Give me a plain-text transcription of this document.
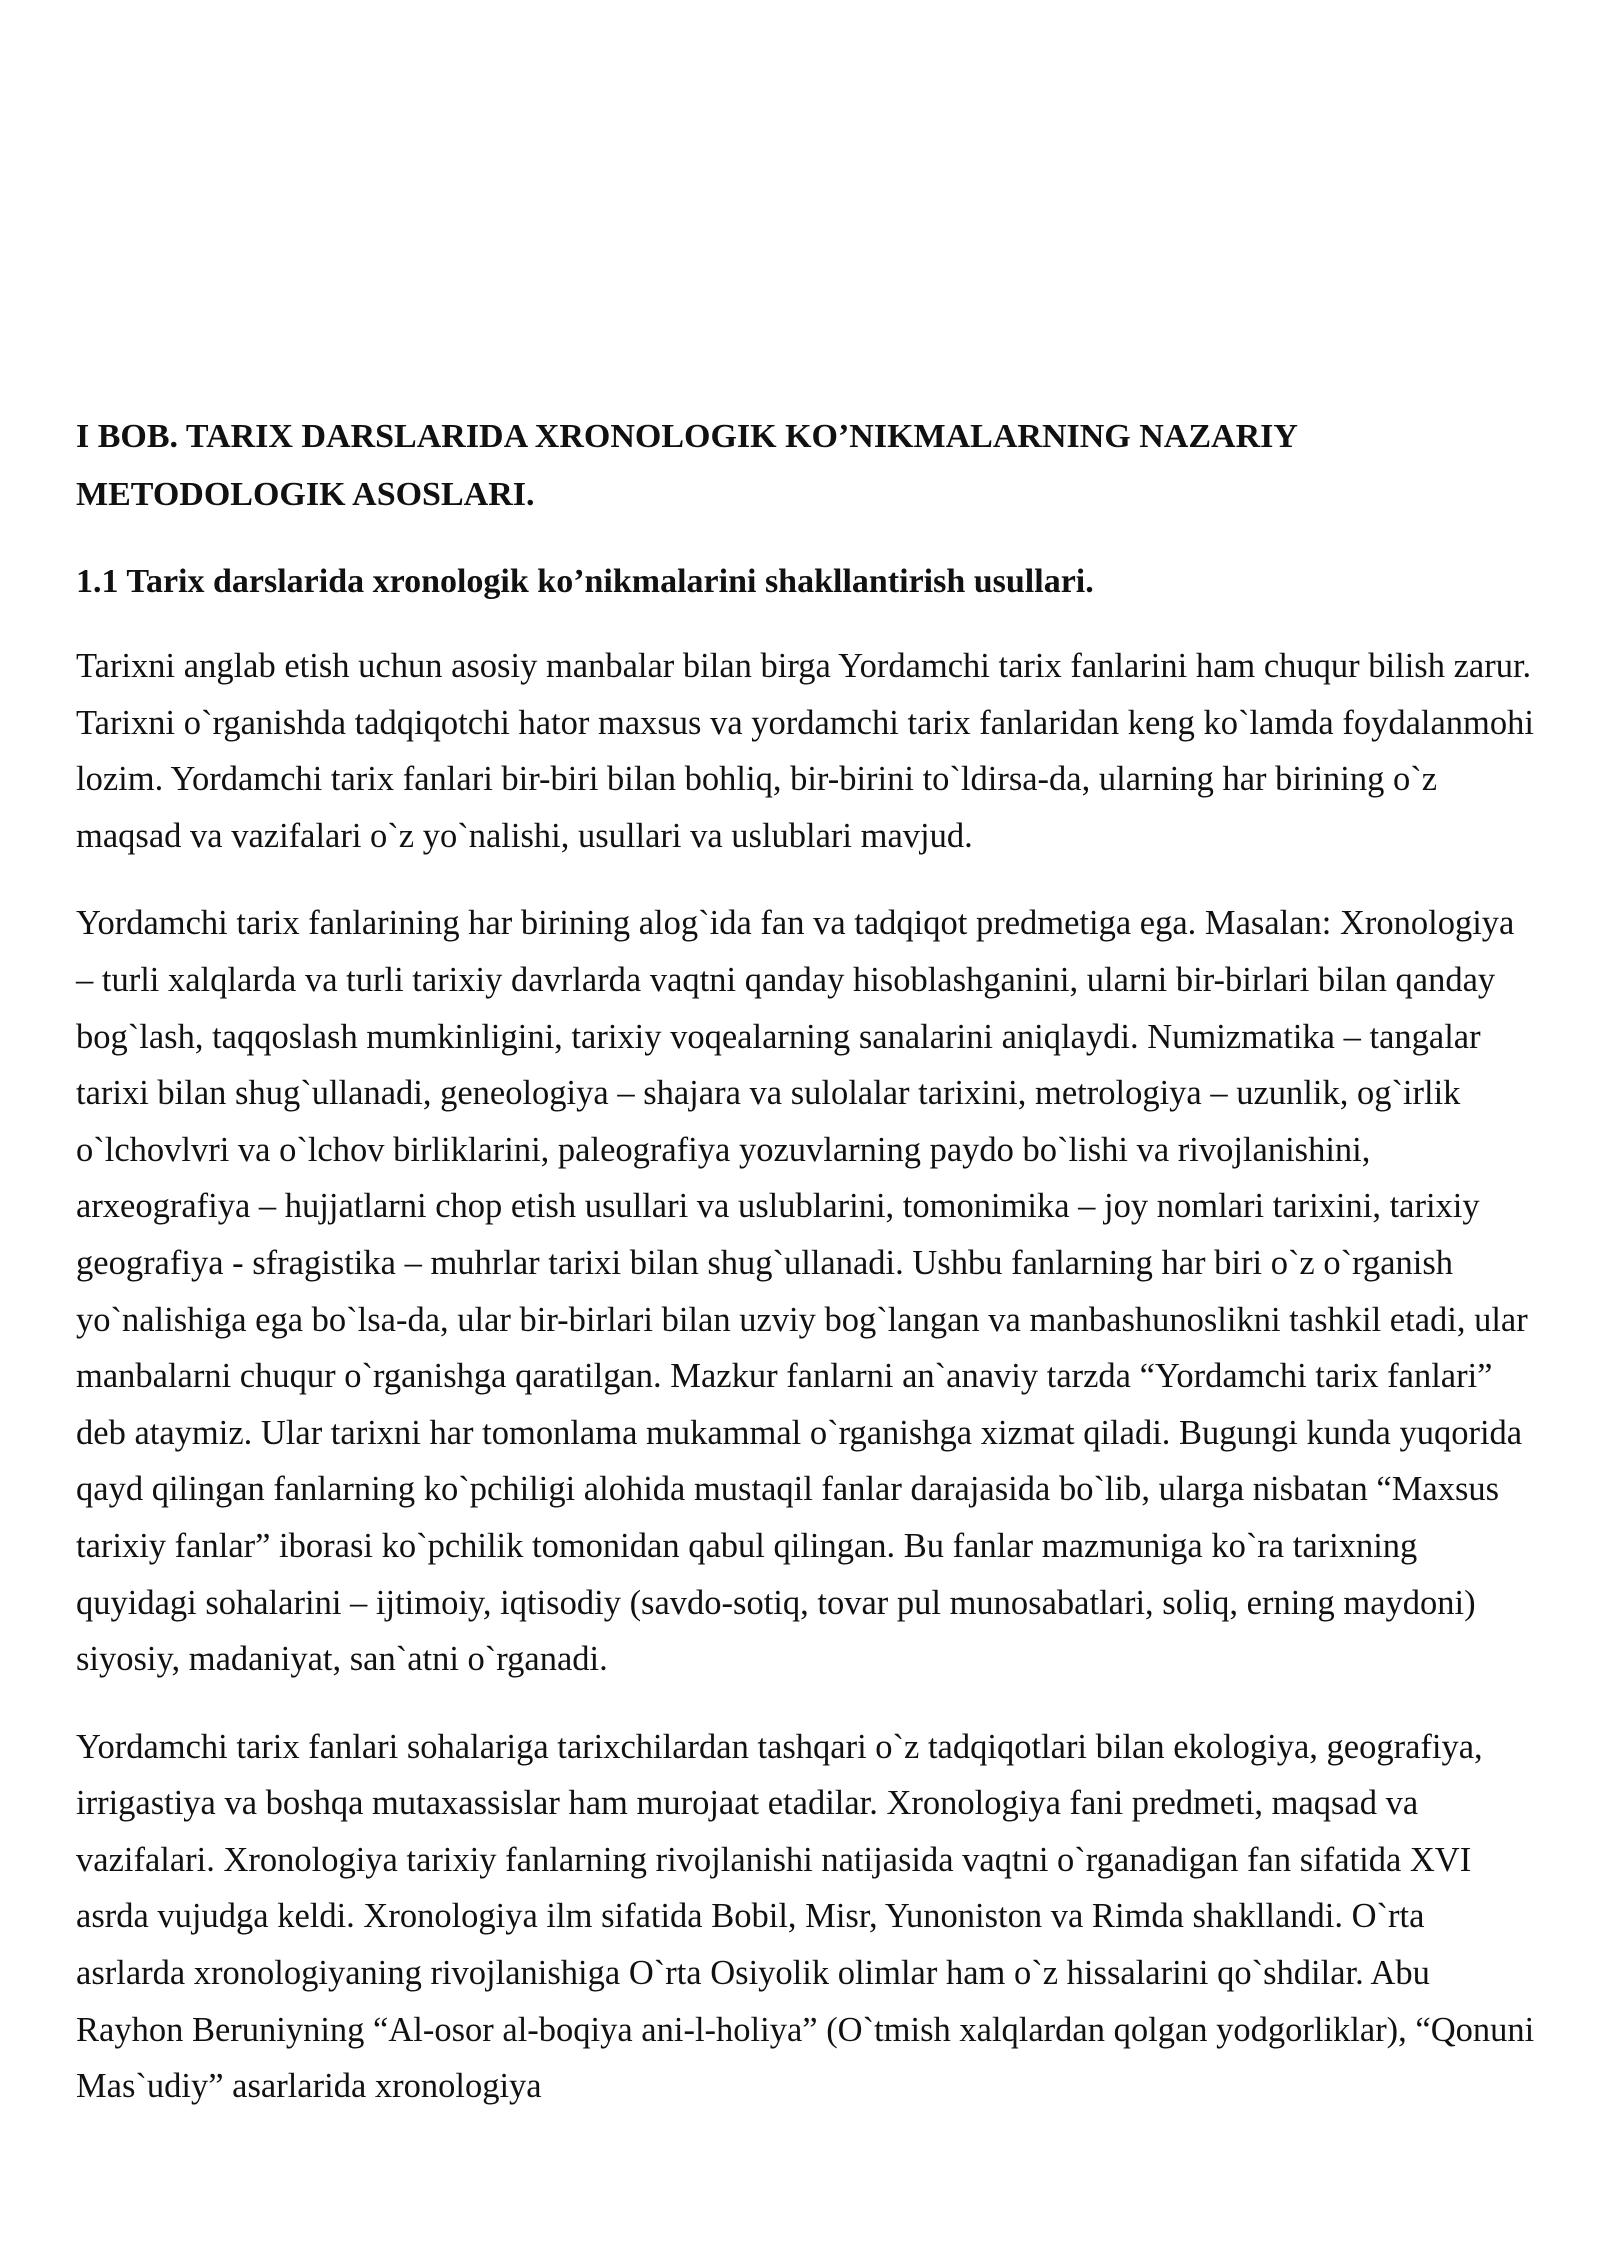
I BOB. TARIX DARSLARIDA XRONOLOGIK KO’NIKMALARNING NAZARIY METODOLOGIK ASOSLARI.
1.1 Tarix darslarida xronologik ko’nikmalarini shakllantirish usullari.

Tarixni anglab etish uchun asosiy manbalar bilan birga Yordamchi tarix fanlarini ham chuqur bilish zarur. Tarixni o`rganishda tadqiqotchi hator maxsus va yordamchi tarix fanlaridan keng ko`lamda foydalanmohi lozim. Yordamchi tarix fanlari bir-biri bilan bohliq, bir-birini to`ldirsa-da, ularning har birining o`z maqsad va vazifalari o`z yo`nalishi, usullari va uslublari mavjud.

Yordamchi tarix fanlarining har birining alog`ida fan va tadqiqot predmetiga ega. Masalan: Xronologiya – turli xalqlarda va turli tarixiy davrlarda vaqtni qanday hisoblashganini, ularni bir-birlari bilan qanday bog`lash, taqqoslash mumkinligini, tarixiy voqealarning sanalarini aniqlaydi. Numizmatika – tangalar tarixi bilan shug`ullanadi, geneologiya – shajara va sulolalar tarixini, metrologiya – uzunlik, og`irlik o`lchovlvri va o`lchov birliklarini, paleografiya yozuvlarning paydo bo`lishi va rivojlanishini, arxeografiya – hujjatlarni chop etish usullari va uslublarini, tomonimika – joy nomlari tarixini, tarixiy geografiya - sfragistika – muhrlar tarixi bilan shug`ullanadi. Ushbu fanlarning har biri o`z o`rganish yo`nalishiga ega bo`lsa-da, ular bir-birlari bilan uzviy bog`langan va manbashunoslikni tashkil etadi, ular manbalarni chuqur o`rganishga qaratilgan. Mazkur fanlarni an`anaviy tarzda “Yordamchi tarix fanlari” deb ataymiz. Ular tarixni har tomonlama mukammal o`rganishga xizmat qiladi. Bugungi kunda yuqorida qayd qilingan fanlarning ko`pchiligi alohida mustaqil fanlar darajasida bo`lib, ularga nisbatan “Maxsus tarixiy fanlar” iborasi ko`pchilik tomonidan qabul qilingan. Bu fanlar mazmuniga ko`ra tarixning quyidagi sohalarini – ijtimoiy, iqtisodiy (savdo-sotiq, tovar pul munosabatlari, soliq, erning maydoni) siyosiy, madaniyat, san`atni o`rganadi.

Yordamchi tarix fanlari sohalariga tarixchilardan tashqari o`z tadqiqotlari bilan ekologiya, geografiya, irrigastiya va boshqa mutaxassislar ham murojaat etadilar. Xronologiya fani predmeti, maqsad va vazifalari. Xronologiya tarixiy fanlarning rivojlanishi natijasida vaqtni o`rganadigan fan sifatida XVI asrda vujudga keldi. Xronologiya ilm sifatida Bobil, Misr, Yunoniston va Rimda shakllandi. O`rta asrlarda xronologiyaning rivojlanishiga O`rta Osiyolik olimlar ham o`z hissalarini qo`shdilar. Abu Rayhon Beruniyning “Al-osor al-boqiya ani-l-holiya” (O`tmish xalqlardan qolgan yodgorliklar), “Qonuni Mas`udiy” asarlarida xronologiya
